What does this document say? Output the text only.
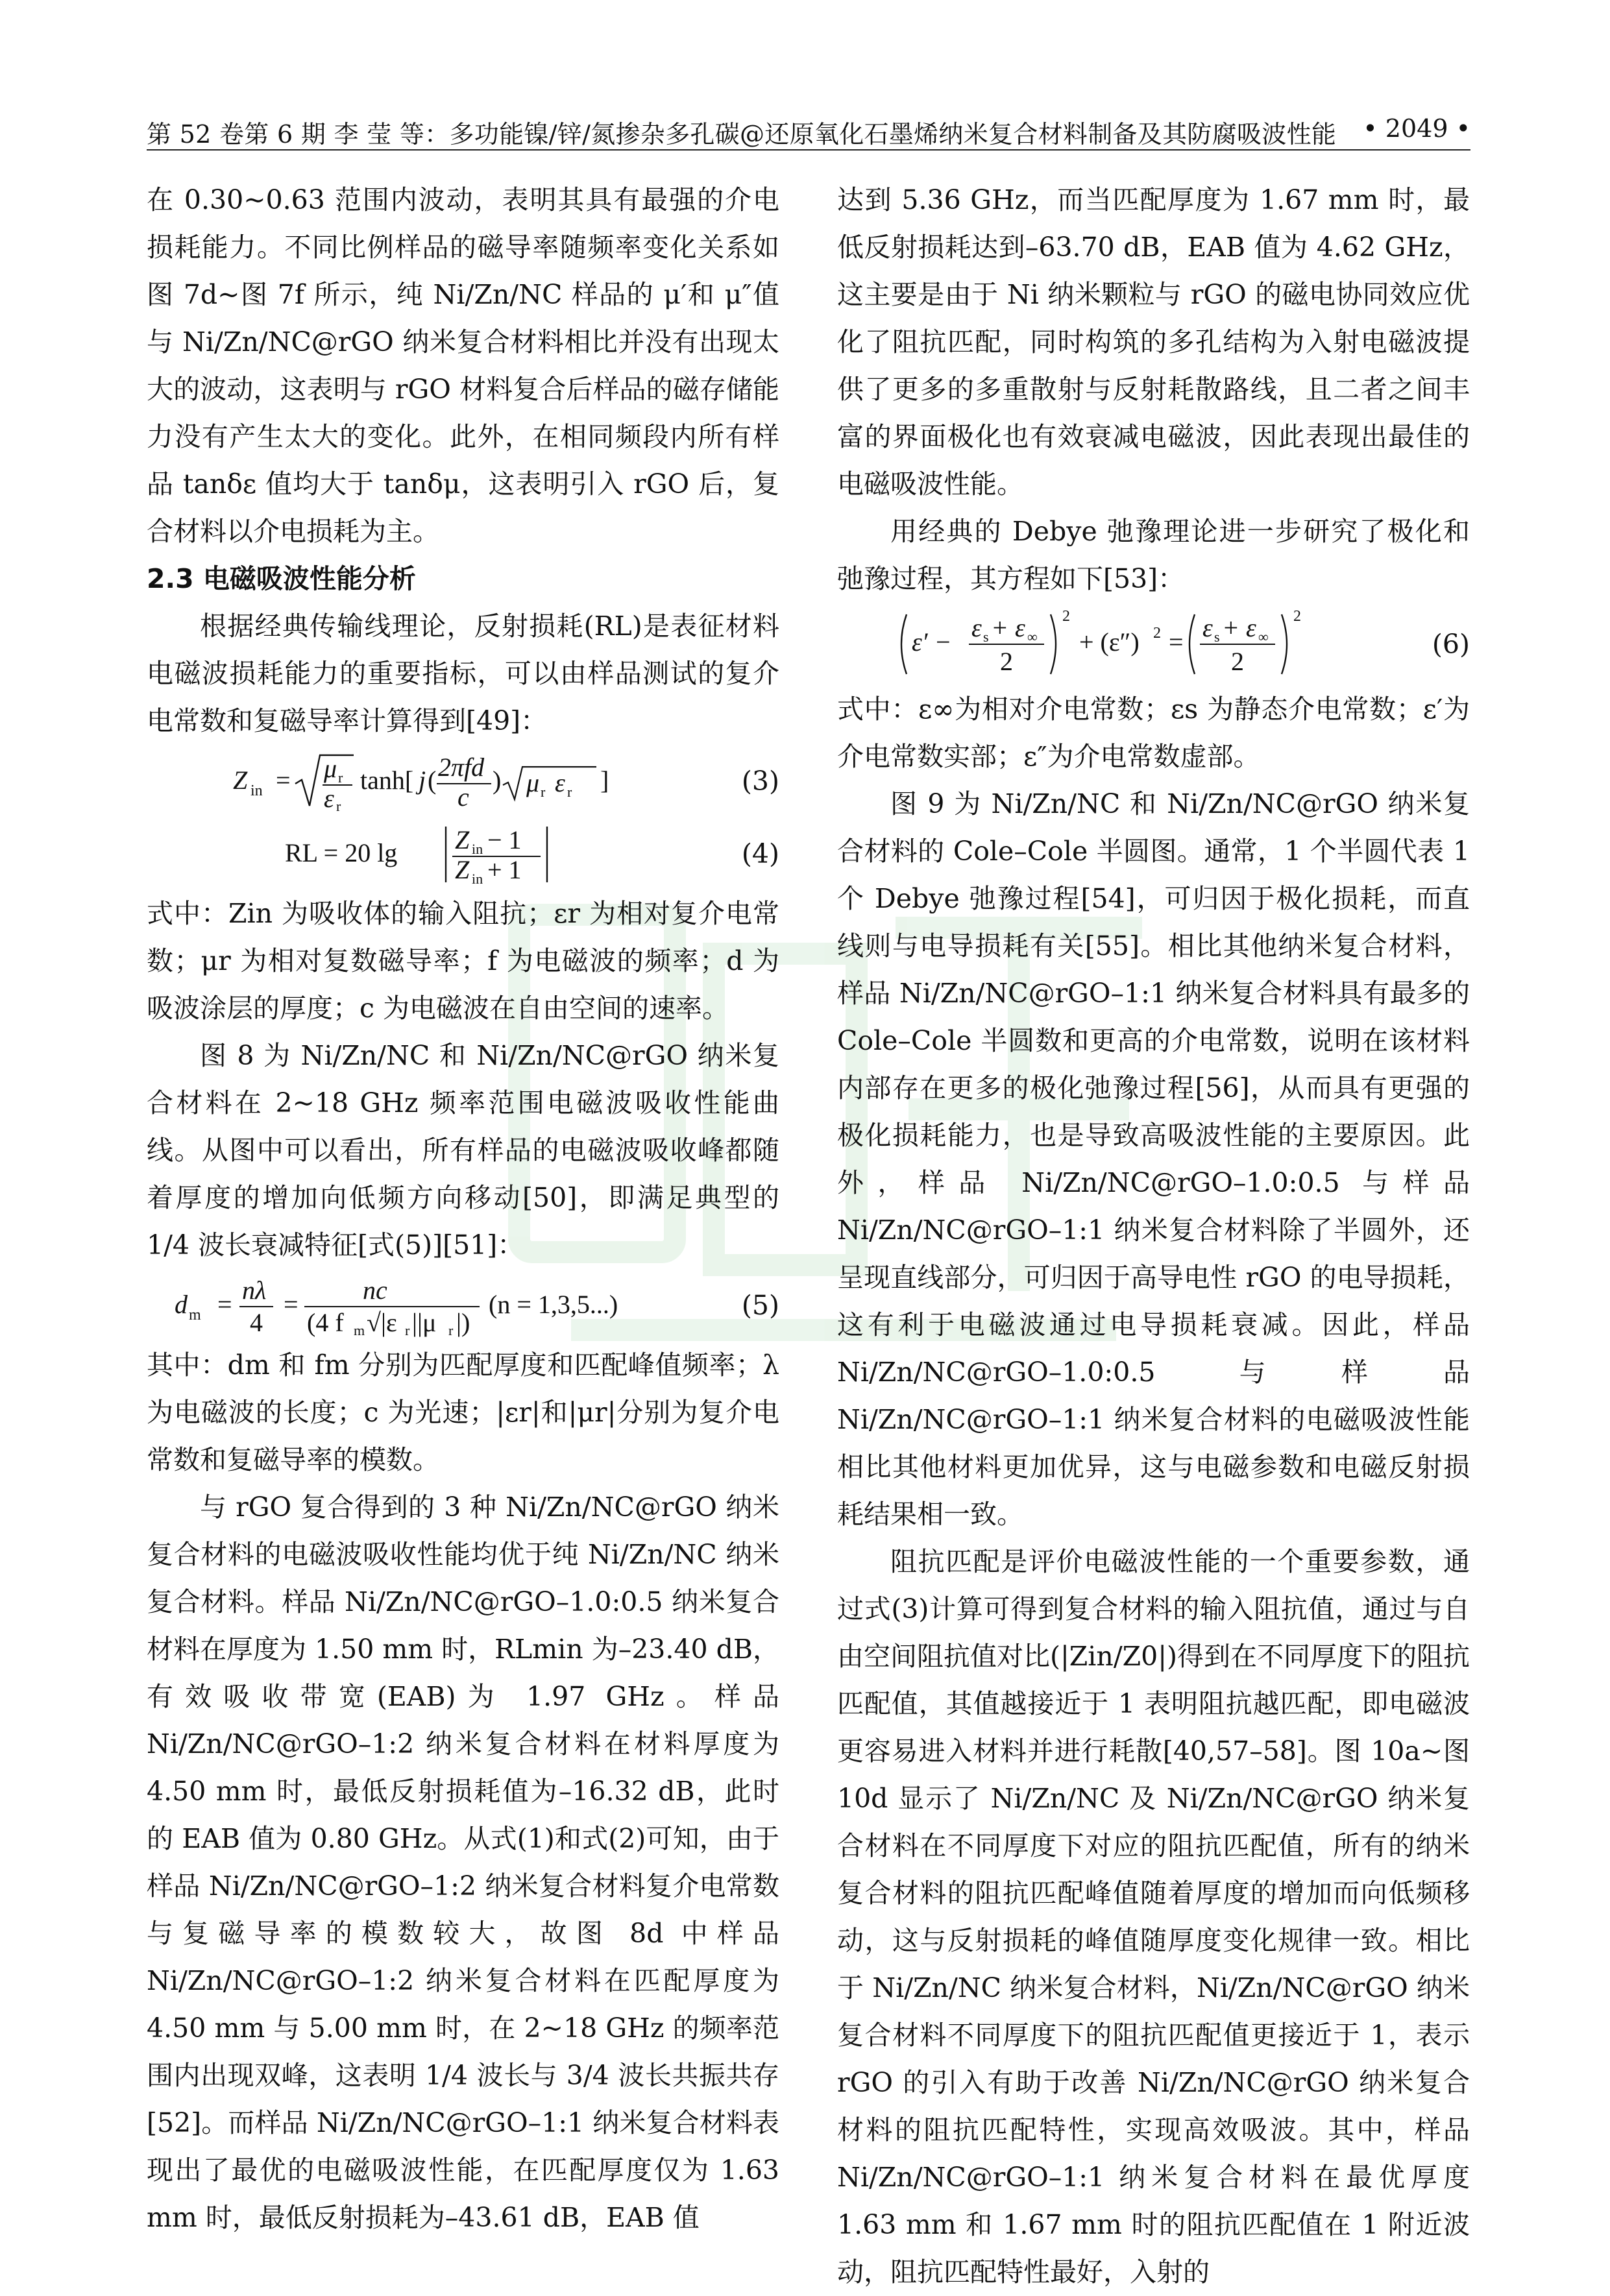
第 52 卷第 6 期 李 莹 等：多功能镍/锌/氮掺杂多孔碳@还原氧化石墨烯纳米复合材料制备及其防腐吸波性能 • 2049 •

在 0.30~0.63 范围内波动，表明其具有最强的介电损耗能力。不同比例样品的磁导率随频率变化关系如图 7d~图 7f 所示，纯 Ni/Zn/NC 样品的 μ′和 μ″值与 Ni/Zn/NC@rGO 纳米复合材料相比并没有出现太大的波动，这表明与 rGO 材料复合后样品的磁存储能力没有产生太大的变化。此外，在相同频段内所有样品 tanδε 值均大于 tanδμ，这表明引入 rGO 后，复合材料以介电损耗为主。

2.3 电磁吸波性能分析

根据经典传输线理论，反射损耗(RL)是表征材料电磁波损耗能力的重要指标，可以由样品测试的复介电常数和复磁导率计算得到[49]：

Z in = μ r
ε r
tanh[ j ( 2πfd
c
) μ r ε r ]	(3)
RL = 20 lg Z in − 1
Z in + 1
(4)

式中：Zin 为吸收体的输入阻抗；εr 为相对复介电常数；μr 为相对复数磁导率；f 为电磁波的频率；d 为吸波涂层的厚度；c 为电磁波在自由空间的速率。

图 8 为 Ni/Zn/NC 和 Ni/Zn/NC@rGO 纳米复合材料在 2~18 GHz 频率范围电磁波吸收性能曲线。从图中可以看出，所有样品的电磁波吸收峰都随着厚度的增加向低频方向移动[50]，即满足典型的 1/4 波长衰减特征[式(5)][51]：

d m = nλ
4
= nc
(4 f m √|ε r ||μ r |)
(n = 1,3,5...)	(5)

其中：dm 和 fm 分别为匹配厚度和匹配峰值频率；λ 为电磁波的长度；c 为光速；|εr|和|μr|分别为复介电常数和复磁导率的模数。

与 rGO 复合得到的 3 种 Ni/Zn/NC@rGO 纳米复合材料的电磁波吸收性能均优于纯 Ni/Zn/NC 纳米复合材料。样品 Ni/Zn/NC@rGO–1.0:0.5 纳米复合材料在厚度为 1.50 mm 时，RLmin 为–23.40 dB，有效吸收带宽(EAB)为 1.97 GHz。样品 Ni/Zn/NC@rGO–1:2 纳米复合材料在材料厚度为 4.50 mm 时，最低反射损耗值为–16.32 dB，此时的 EAB 值为 0.80 GHz。从式(1)和式(2)可知，由于样品 Ni/Zn/NC@rGO–1:2 纳米复合材料复介电常数与复磁导率的模数较大，故图 8d 中样品 Ni/Zn/NC@rGO–1:2 纳米复合材料在匹配厚度为 4.50 mm 与 5.00 mm 时，在 2~18 GHz 的频率范围内出现双峰，这表明 1/4 波长与 3/4 波长共振共存[52]。而样品 Ni/Zn/NC@rGO–1:1 纳米复合材料表现出了最优的电磁吸波性能，在匹配厚度仅为 1.63 mm 时，最低反射损耗为–43.61 dB，EAB 值

达到 5.36 GHz，而当匹配厚度为 1.67 mm 时，最低反射损耗达到–63.70 dB，EAB 值为 4.62 GHz，这主要是由于 Ni 纳米颗粒与 rGO 的磁电协同效应优化了阻抗匹配，同时构筑的多孔结构为入射电磁波提供了更多的多重散射与反射耗散路线，且二者之间丰富的界面极化也有效衰减电磁波，因此表现出最佳的电磁吸波性能。

用经典的 Debye 弛豫理论进一步研究了极化和弛豫过程，其方程如下[53]：

ε′ − ε s + ε ∞
2
2
+ (ε″) 2 = ε s + ε ∞
2
2
(6)

式中：ε∞为相对介电常数；εs 为静态介电常数；ε′为介电常数实部；ε″为介电常数虚部。

图 9 为 Ni/Zn/NC 和 Ni/Zn/NC@rGO 纳米复合材料的 Cole–Cole 半圆图。通常，1 个半圆代表 1 个 Debye 弛豫过程[54]，可归因于极化损耗，而直线则与电导损耗有关[55]。相比其他纳米复合材料，样品 Ni/Zn/NC@rGO–1:1 纳米复合材料具有最多的 Cole–Cole 半圆数和更高的介电常数，说明在该材料内部存在更多的极化弛豫过程[56]，从而具有更强的极化损耗能力，也是导致高吸波性能的主要原因。此外，样品 Ni/Zn/NC@rGO–1.0:0.5 与样品 Ni/Zn/NC@rGO–1:1 纳米复合材料除了半圆外，还呈现直线部分，可归因于高导电性 rGO 的电导损耗，这有利于电磁波通过电导损耗衰减。因此，样品 Ni/Zn/NC@rGO–1.0:0.5 与样品 Ni/Zn/NC@rGO–1:1 纳米复合材料的电磁吸波性能相比其他材料更加优异，这与电磁参数和电磁反射损耗结果相一致。

阻抗匹配是评价电磁波性能的一个重要参数，通过式(3)计算可得到复合材料的输入阻抗值，通过与自由空间阻抗值对比(|Zin/Z0|)得到在不同厚度下的阻抗匹配值，其值越接近于 1 表明阻抗越匹配，即电磁波更容易进入材料并进行耗散[40,57–58]。图 10a~图 10d 显示了 Ni/Zn/NC 及 Ni/Zn/NC@rGO 纳米复合材料在不同厚度下对应的阻抗匹配值，所有的纳米复合材料的阻抗匹配峰值随着厚度的增加而向低频移动，这与反射损耗的峰值随厚度变化规律一致。相比于 Ni/Zn/NC 纳米复合材料，Ni/Zn/NC@rGO 纳米复合材料不同厚度下的阻抗匹配值更接近于 1，表示 rGO 的引入有助于改善 Ni/Zn/NC@rGO 纳米复合材料的阻抗匹配特性，实现高效吸波。其中，样品 Ni/Zn/NC@rGO–1:1 纳米复合材料在最优厚度 1.63 mm 和 1.67 mm 时的阻抗匹配值在 1 附近波动，阻抗匹配特性最好，入射的
